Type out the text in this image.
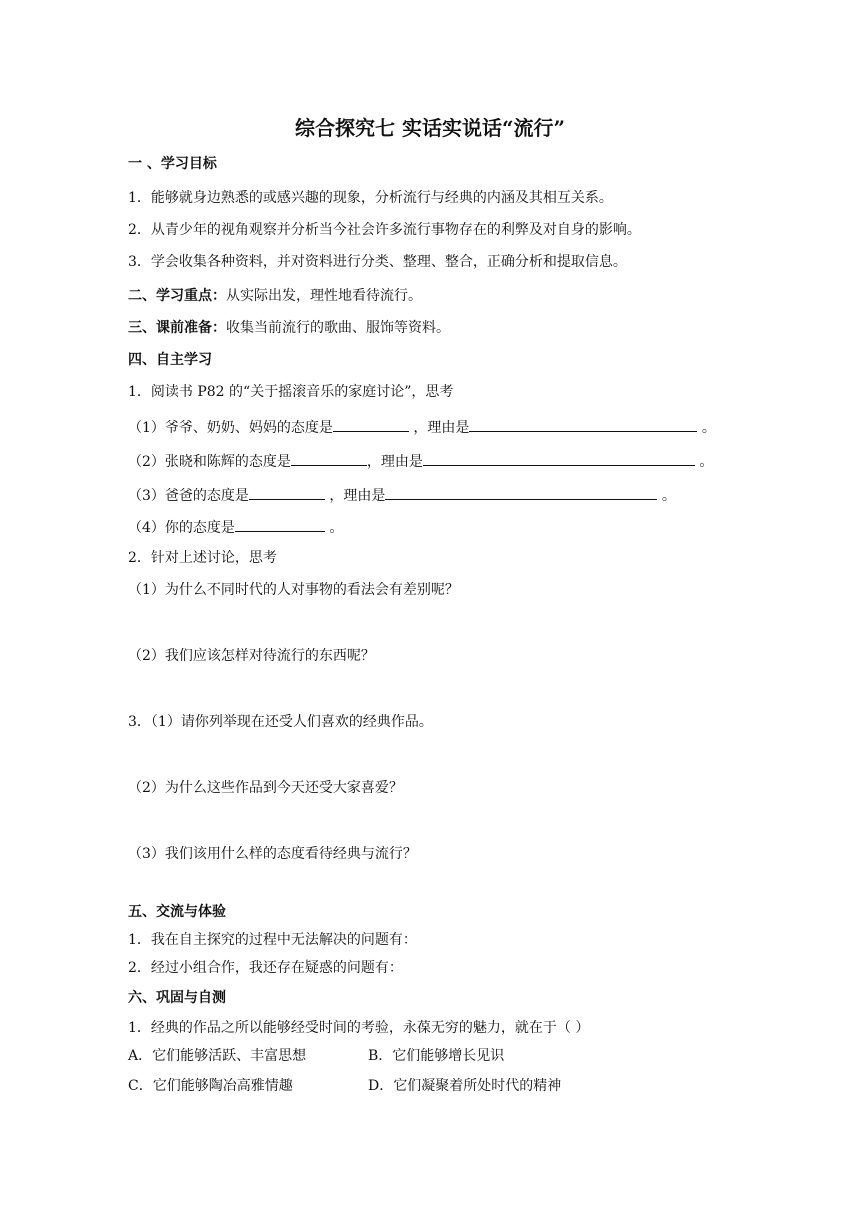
综合探究七 实话实说话“流行”
一 、学习目标
1．能够就身边熟悉的或感兴趣的现象，分析流行与经典的内涵及其相互关系。
2．从青少年的视角观察并分析当今社会许多流行事物存在的利弊及对自身的影响。
3．学会收集各种资料，并对资料进行分类、整理、整合，正确分析和提取信息。
二、学习重点：从实际出发，理性地看待流行。
三、课前准备：收集当前流行的歌曲、服饰等资料。
四、自主学习
1．阅读书 P82 的“关于摇滚音乐的家庭讨论”，思考
（1）爷爷、奶奶、妈妈的态度是	，理由是	。
（2）张晓和陈辉的态度是	，理由是	。
（3）爸爸的态度是	，理由是	。
（4）你的态度是	。
2．针对上述讨论，思考
（1）为什么不同时代的人对事物的看法会有差别呢？
（2）我们应该怎样对待流行的东西呢？
3．（1）请你列举现在还受人们喜欢的经典作品。
（2）为什么这些作品到今天还受大家喜爱？
（3）我们该用什么样的态度看待经典与流行？
五、交流与体验
1．我在自主探究的过程中无法解决的问题有：
2．经过小组合作，我还存在疑惑的问题有：
六、巩固与自测
1．经典的作品之所以能够经受时间的考验，永葆无穷的魅力，就在于（ ）
A．它们能够活跃、丰富思想	B．它们能够增长见识
C．它们能够陶冶高雅情趣	D．它们凝聚着所处时代的精神
